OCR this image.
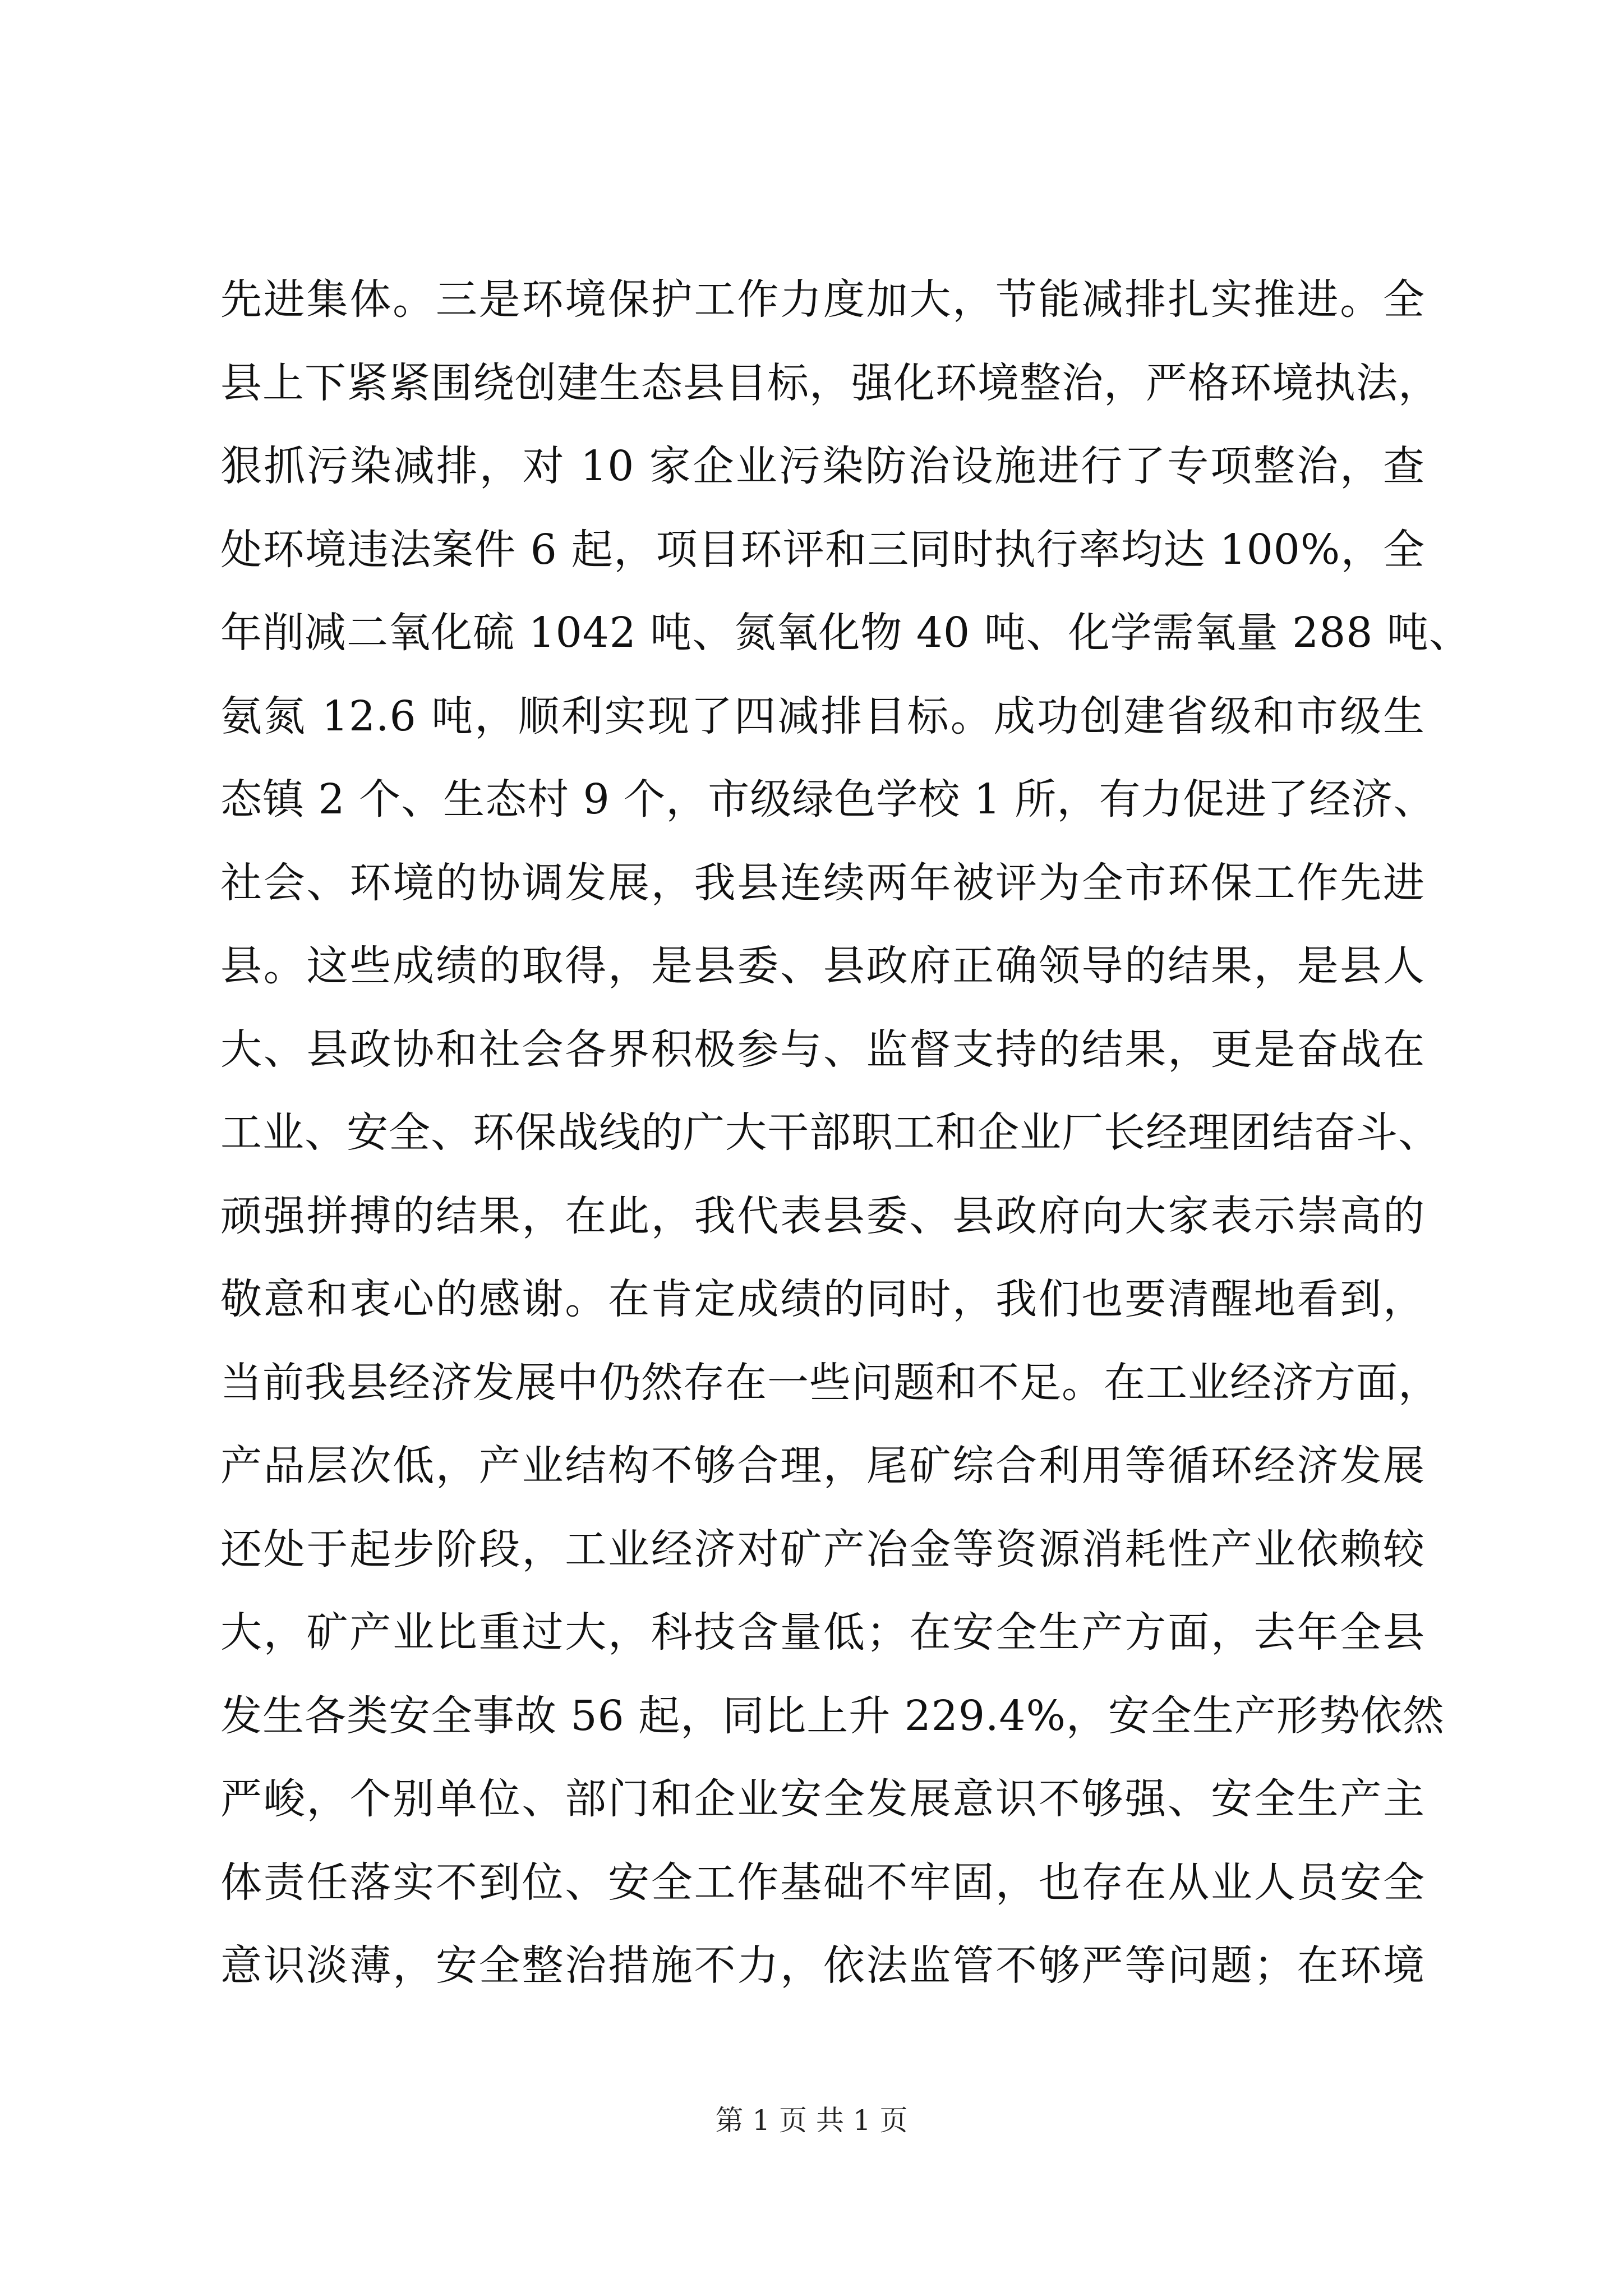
先进集体。三是环境保护工作力度加大，节能减排扎实推进。全
县上下紧紧围绕创建生态县目标，强化环境整治，严格环境执法，
狠抓污染减排，对 10 家企业污染防治设施进行了专项整治，查
处环境违法案件 6 起，项目环评和三同时执行率均达 100%，全
年削减二氧化硫 1042 吨、氮氧化物 40 吨、化学需氧量 288 吨、
氨氮 12.6 吨，顺利实现了四减排目标。成功创建省级和市级生
态镇 2 个、生态村 9 个，市级绿色学校 1 所，有力促进了经济、
社会、环境的协调发展，我县连续两年被评为全市环保工作先进
县。这些成绩的取得，是县委、县政府正确领导的结果，是县人
大、县政协和社会各界积极参与、监督支持的结果，更是奋战在
工业、安全、环保战线的广大干部职工和企业厂长经理团结奋斗、
顽强拼搏的结果，在此，我代表县委、县政府向大家表示崇高的
敬意和衷心的感谢。在肯定成绩的同时，我们也要清醒地看到，
当前我县经济发展中仍然存在一些问题和不足。在工业经济方面，
产品层次低，产业结构不够合理，尾矿综合利用等循环经济发展
还处于起步阶段，工业经济对矿产冶金等资源消耗性产业依赖较
大，矿产业比重过大，科技含量低；在安全生产方面，去年全县
发生各类安全事故 56 起，同比上升 229.4%，安全生产形势依然
严峻，个别单位、部门和企业安全发展意识不够强、安全生产主
体责任落实不到位、安全工作基础不牢固，也存在从业人员安全
意识淡薄，安全整治措施不力，依法监管不够严等问题；在环境
第 1 页 共 1 页
